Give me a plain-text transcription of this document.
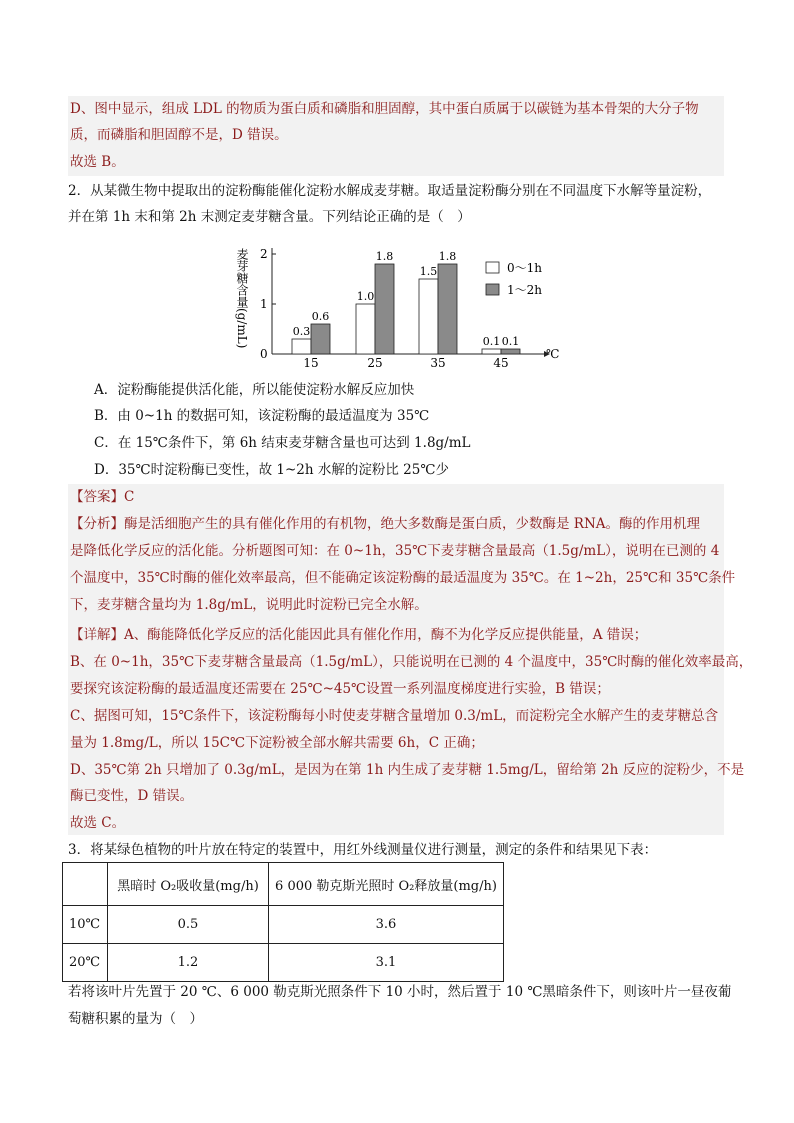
D、图中显示，组成 LDL 的物质为蛋白质和磷脂和胆固醇，其中蛋白质属于以碳链为基本骨架的大分子物
质，而磷脂和胆固醇不是，D 错误。
故选 B。
2．从某微生物中提取出的淀粉酶能催化淀粉水解成麦芽糖。取适量淀粉酶分别在不同温度下水解等量淀粉，
并在第 1h 末和第 2h 末测定麦芽糖含量。下列结论正确的是（　）
麦芽糖含量(g/mL)
℃
0
1
2
0.3
0.6
1.0
1.8
1.5
1.8
0.1 0.1
15	25	35	45
0～1h
1～2h
A．淀粉酶能提供活化能，所以能使淀粉水解反应加快
B．由 0~1h 的数据可知，该淀粉酶的最适温度为 35℃
C．在 15℃条件下，第 6h 结束麦芽糖含量也可达到 1.8g/mL
D．35℃时淀粉酶已变性，故 1~2h 水解的淀粉比 25℃少
【答案】C
【分析】酶是活细胞产生的具有催化作用的有机物，绝大多数酶是蛋白质，少数酶是 RNA。酶的作用机理
是降低化学反应的活化能。分析题图可知：在 0~1h，35℃下麦芽糖含量最高（1.5g/mL），说明在已测的 4
个温度中，35℃时酶的催化效率最高，但不能确定该淀粉酶的最适温度为 35℃。在 1~2h，25℃和 35℃条件
下，麦芽糖含量均为 1.8g/mL，说明此时淀粉已完全水解。
【详解】A、酶能降低化学反应的活化能因此具有催化作用，酶不为化学反应提供能量，A 错误；
B、在 0~1h，35℃下麦芽糖含量最高（1.5g/mL），只能说明在已测的 4 个温度中，35℃时酶的催化效率最高，
要探究该淀粉酶的最适温度还需要在 25℃~45℃设置一系列温度梯度进行实验，B 错误；
C、据图可知，15℃条件下，该淀粉酶每小时使麦芽糖含量增加 0.3/mL，而淀粉完全水解产生的麦芽糖总含
量为 1.8mg/L，所以 15C℃下淀粉被全部水解共需要 6h，C 正确；
D、35℃第 2h 只增加了 0.3g/mL，是因为在第 1h 内生成了麦芽糖 1.5mg/L，留给第 2h 反应的淀粉少，不是
酶已变性，D 错误。
故选 C。
3．将某绿色植物的叶片放在特定的装置中，用红外线测量仪进行测量，测定的条件和结果见下表：
	黑暗时 O₂吸收量(mg/h)	6 000 勒克斯光照时 O₂释放量(mg/h)
10℃	0.5	3.6
20℃	1.2	3.1
若将该叶片先置于 20 ℃、6 000 勒克斯光照条件下 10 小时，然后置于 10 ℃黑暗条件下，则该叶片一昼夜葡
萄糖积累的量为（　）
